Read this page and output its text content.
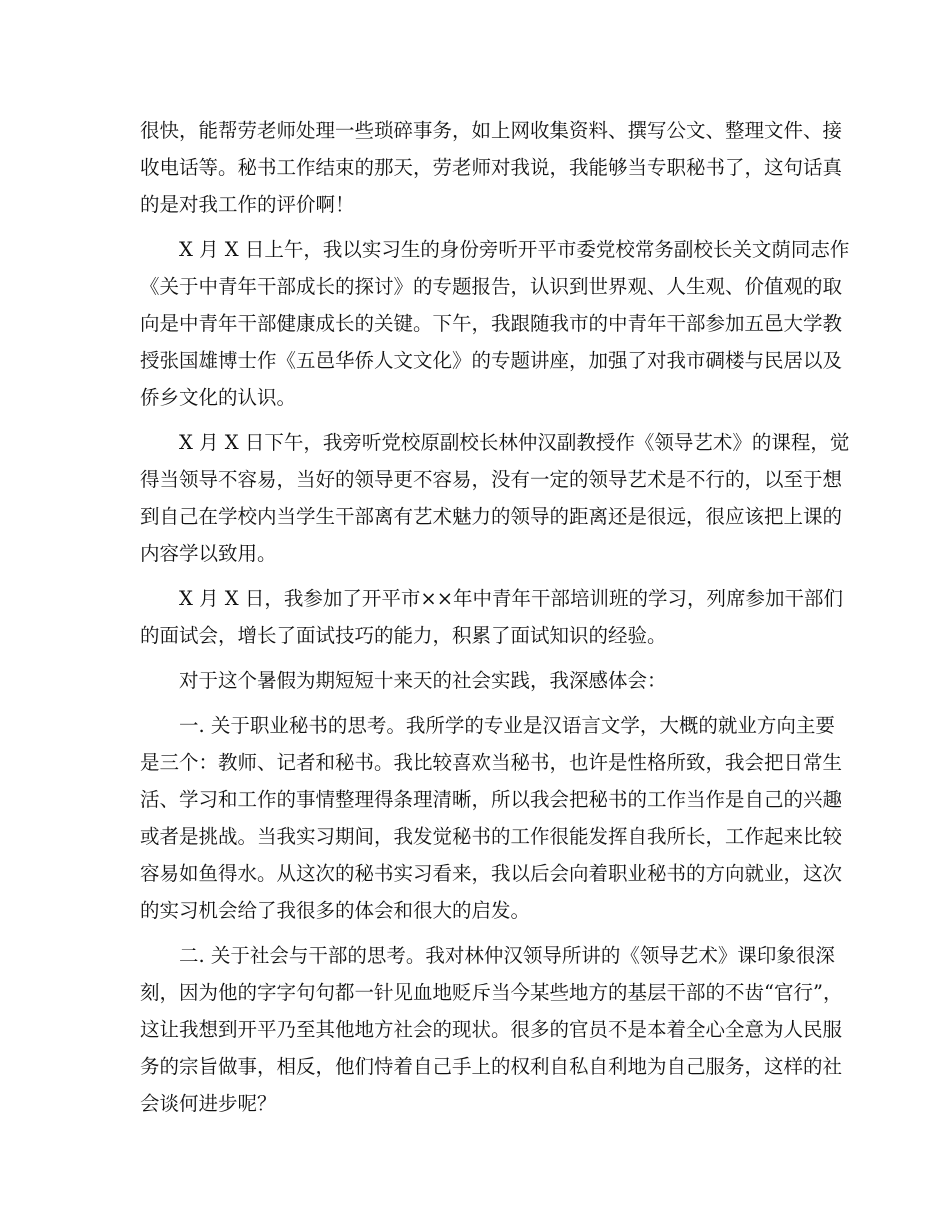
很快，能帮劳老师处理一些琐碎事务，如上网收集资料、撰写公文、整理文件、接
收电话等。秘书工作结束的那天，劳老师对我说，我能够当专职秘书了，这句话真
的是对我工作的评价啊！
　　X 月 X 日上午，我以实习生的身份旁听开平市委党校常务副校长关文荫同志作
《关于中青年干部成长的探讨》的专题报告，认识到世界观、人生观、价值观的取
向是中青年干部健康成长的关键。下午，我跟随我市的中青年干部参加五邑大学教
授张国雄博士作《五邑华侨人文文化》的专题讲座，加强了对我市碉楼与民居以及
侨乡文化的认识。
　　X 月 X 日下午，我旁听党校原副校长林仲汉副教授作《领导艺术》的课程，觉
得当领导不容易，当好的领导更不容易，没有一定的领导艺术是不行的，以至于想
到自己在学校内当学生干部离有艺术魅力的领导的距离还是很远，很应该把上课的
内容学以致用。
　　X 月 X 日，我参加了开平市××年中青年干部培训班的学习，列席参加干部们
的面试会，增长了面试技巧的能力，积累了面试知识的经验。
　　对于这个暑假为期短短十来天的社会实践，我深感体会：
　　一. 关于职业秘书的思考。我所学的专业是汉语言文学，大概的就业方向主要
是三个：教师、记者和秘书。我比较喜欢当秘书，也许是性格所致，我会把日常生
活、学习和工作的事情整理得条理清晰，所以我会把秘书的工作当作是自己的兴趣
或者是挑战。当我实习期间，我发觉秘书的工作很能发挥自我所长，工作起来比较
容易如鱼得水。从这次的秘书实习看来，我以后会向着职业秘书的方向就业，这次
的实习机会给了我很多的体会和很大的启发。
　　二. 关于社会与干部的思考。我对林仲汉领导所讲的《领导艺术》课印象很深
刻，因为他的字字句句都一针见血地贬斥当今某些地方的基层干部的不齿“官行”，
这让我想到开平乃至其他地方社会的现状。很多的官员不是本着全心全意为人民服
务的宗旨做事，相反，他们恃着自己手上的权利自私自利地为自己服务，这样的社
会谈何进步呢？
